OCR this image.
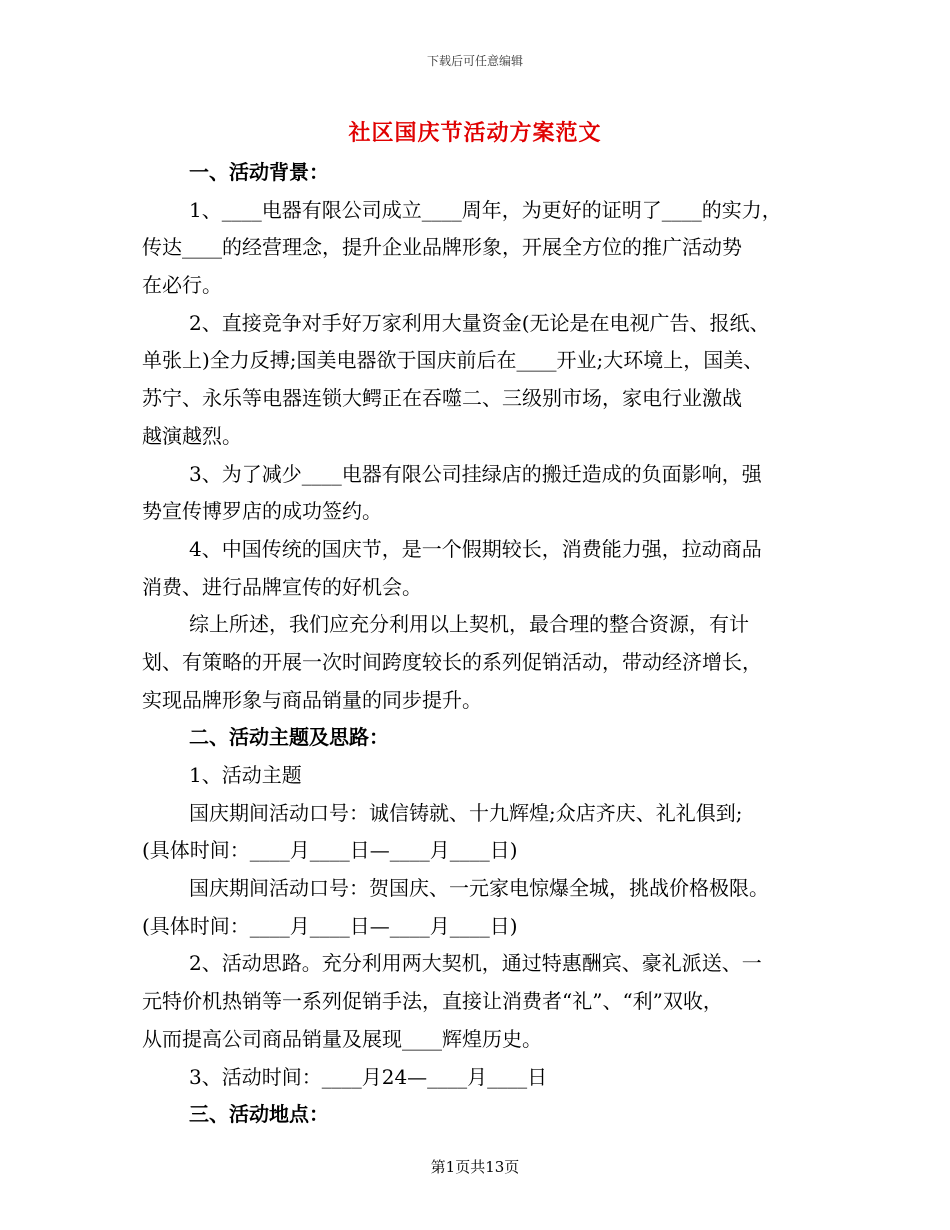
下载后可任意编辑
社区国庆节活动方案范文
一、活动背景：
1、____电器有限公司成立____周年，为更好的证明了____的实力，
传达____的经营理念，提升企业品牌形象，开展全方位的推广活动势
在必行。
2、直接竞争对手好万家利用大量资金(无论是在电视广告、报纸、
单张上)全力反搏;国美电器欲于国庆前后在____开业;大环境上，国美、
苏宁、永乐等电器连锁大鳄正在吞噬二、三级别市场，家电行业激战
越演越烈。
3、为了减少____电器有限公司挂绿店的搬迁造成的负面影响，强
势宣传博罗店的成功签约。
4、中国传统的国庆节，是一个假期较长，消费能力强，拉动商品
消费、进行品牌宣传的好机会。
综上所述，我们应充分利用以上契机，最合理的整合资源，有计
划、有策略的开展一次时间跨度较长的系列促销活动，带动经济增长，
实现品牌形象与商品销量的同步提升。
二、活动主题及思路：
1、活动主题
国庆期间活动口号：诚信铸就、十九辉煌;众店齐庆、礼礼俱到;
(具体时间：____月____日—____月____日)
国庆期间活动口号：贺国庆、一元家电惊爆全城，挑战价格极限。
(具体时间：____月____日—____月____日)
2、活动思路。充分利用两大契机，通过特惠酬宾、豪礼派送、一
元特价机热销等一系列促销手法，直接让消费者“礼”、“利”双收，
从而提高公司商品销量及展现____辉煌历史。
3、活动时间：____月24—____月____日
三、活动地点：
第1页共13页
